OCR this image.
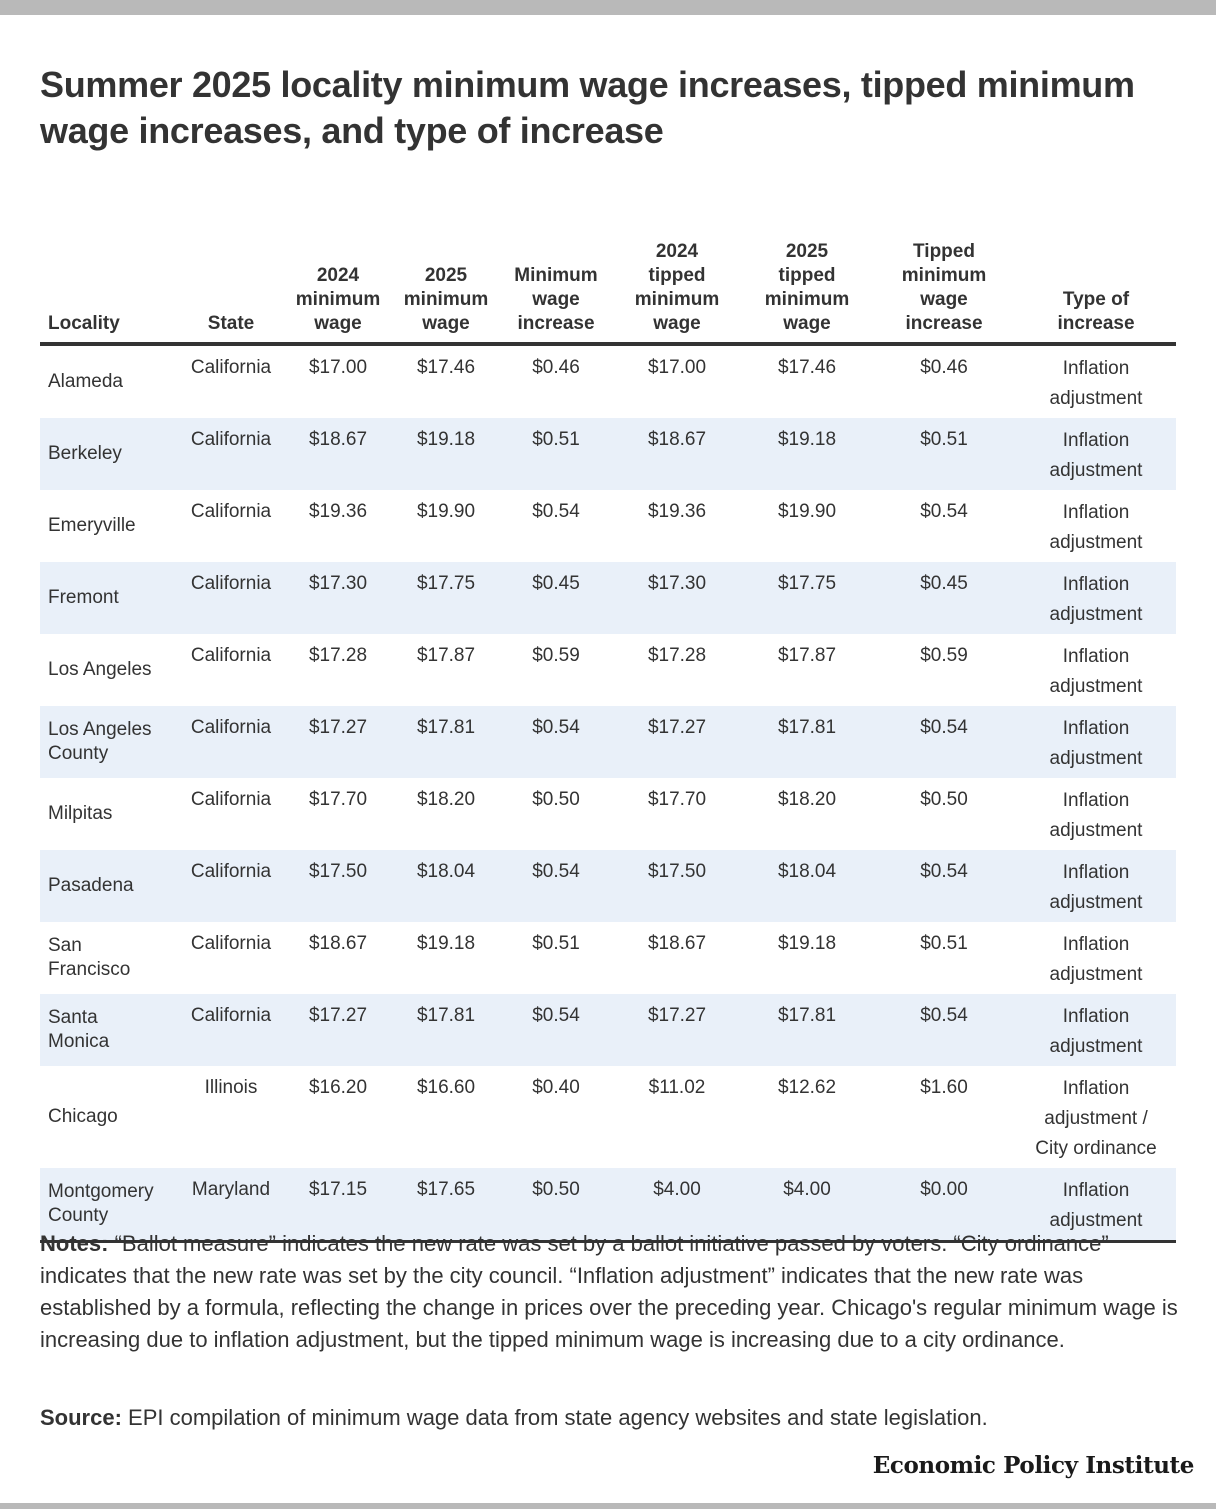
Summer 2025 locality minimum wage increases, tipped minimum wage increases, and type of increase
Locality	State	2024
minimum
wage	2025
minimum
wage	Minimum
wage
increase	2024
tipped
minimum
wage	2025
tipped
minimum
wage	Tipped
minimum
wage
increase	Type of
increase
Alameda	California	$17.00	$17.46	$0.46	$17.00	$17.46	$0.46	Inflation
adjustment
Berkeley	California	$18.67	$19.18	$0.51	$18.67	$19.18	$0.51	Inflation
adjustment
Emeryville	California	$19.36	$19.90	$0.54	$19.36	$19.90	$0.54	Inflation
adjustment
Fremont	California	$17.30	$17.75	$0.45	$17.30	$17.75	$0.45	Inflation
adjustment
Los Angeles	California	$17.28	$17.87	$0.59	$17.28	$17.87	$0.59	Inflation
adjustment
Los Angeles
County	California	$17.27	$17.81	$0.54	$17.27	$17.81	$0.54	Inflation
adjustment
Milpitas	California	$17.70	$18.20	$0.50	$17.70	$18.20	$0.50	Inflation
adjustment
Pasadena	California	$17.50	$18.04	$0.54	$17.50	$18.04	$0.54	Inflation
adjustment
San
Francisco	California	$18.67	$19.18	$0.51	$18.67	$19.18	$0.51	Inflation
adjustment
Santa
Monica	California	$17.27	$17.81	$0.54	$17.27	$17.81	$0.54	Inflation
adjustment
Chicago	Illinois	$16.20	$16.60	$0.40	$11.02	$12.62	$1.60	Inflation
adjustment /
City ordinance
Montgomery
County	Maryland	$17.15	$17.65	$0.50	$4.00	$4.00	$0.00	Inflation
adjustment

Notes: “Ballot measure” indicates the new rate was set by a ballot initiative passed by voters. “City ordinance” indicates that the new rate was set by the city council. “Inflation adjustment” indicates that the new rate was established by a formula, reflecting the change in prices over the preceding year. Chicago's regular minimum wage is increasing due to inflation adjustment, but the tipped minimum wage is increasing due to a city ordinance.

Source: EPI compilation of minimum wage data from state agency websites and state legislation.

Economic Policy Institute
